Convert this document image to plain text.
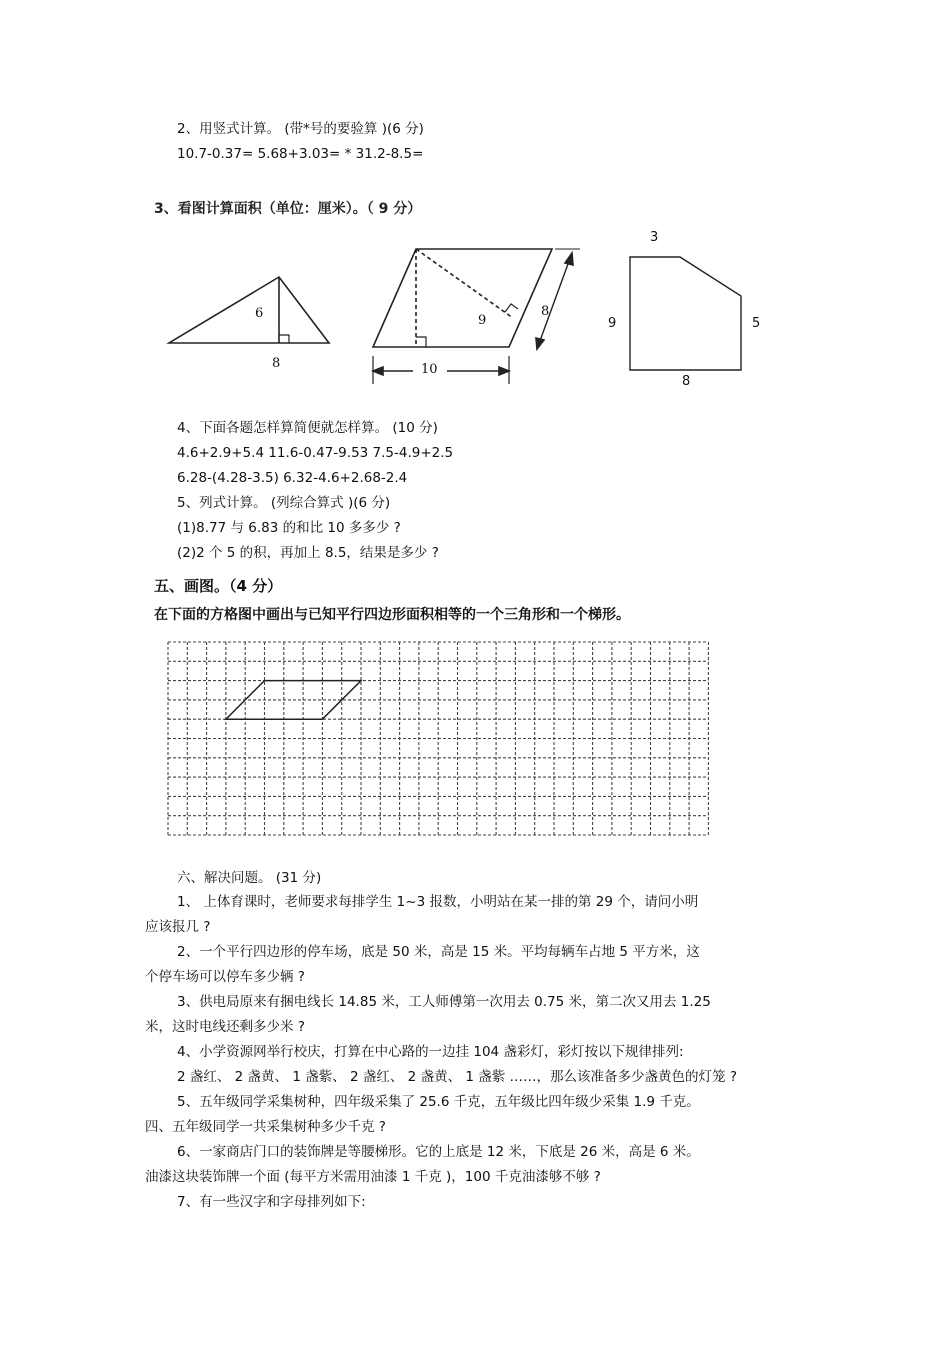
2、用竖式计算。 (带*号的要验算 )(6 分)
10.7-0.37= 5.68+3.03= * 31.2-8.5=
3、看图计算面积（单位：厘米）。（ 9 分）
6
8
9
8
10
3
9	5
8
4、下面各题怎样算简便就怎样算。 (10 分)
4.6+2.9+5.4 11.6-0.47-9.53 7.5-4.9+2.5
6.28-(4.28-3.5) 6.32-4.6+2.68-2.4
5、列式计算。 (列综合算式 )(6 分)
(1)8.77 与 6.83 的和比 10 多多少 ?
(2)2 个 5 的积，再加上 8.5，结果是多少 ?
五、画图。（4 分）
在下面的方格图中画出与已知平行四边形面积相等的一个三角形和一个梯形。
六、解决问题。 (31 分)
1、 上体育课时，老师要求每排学生 1~3 报数，小明站在某一排的第 29 个，请问小明
应该报几 ?
2、一个平行四边形的停车场，底是 50 米，高是 15 米。平均每辆车占地 5 平方米，这
个停车场可以停车多少辆 ?
3、供电局原来有捆电线长 14.85 米，工人师傅第一次用去 0.75 米，第二次又用去 1.25
米，这时电线还剩多少米 ?
4、小学资源网举行校庆，打算在中心路的一边挂 104 盏彩灯，彩灯按以下规律排列:
2 盏红、 2 盏黄、 1 盏紫、 2 盏红、 2 盏黄、 1 盏紫 ……，那么该准备多少盏黄色的灯笼 ?
5、五年级同学采集树种，四年级采集了 25.6 千克，五年级比四年级少采集 1.9 千克。
四、五年级同学一共采集树种多少千克 ?
6、一家商店门口的装饰牌是等腰梯形。它的上底是 12 米，下底是 26 米，高是 6 米。
油漆这块装饰牌一个面 (每平方米需用油漆 1 千克 )，100 千克油漆够不够 ?
7、有一些汉字和字母排列如下:
